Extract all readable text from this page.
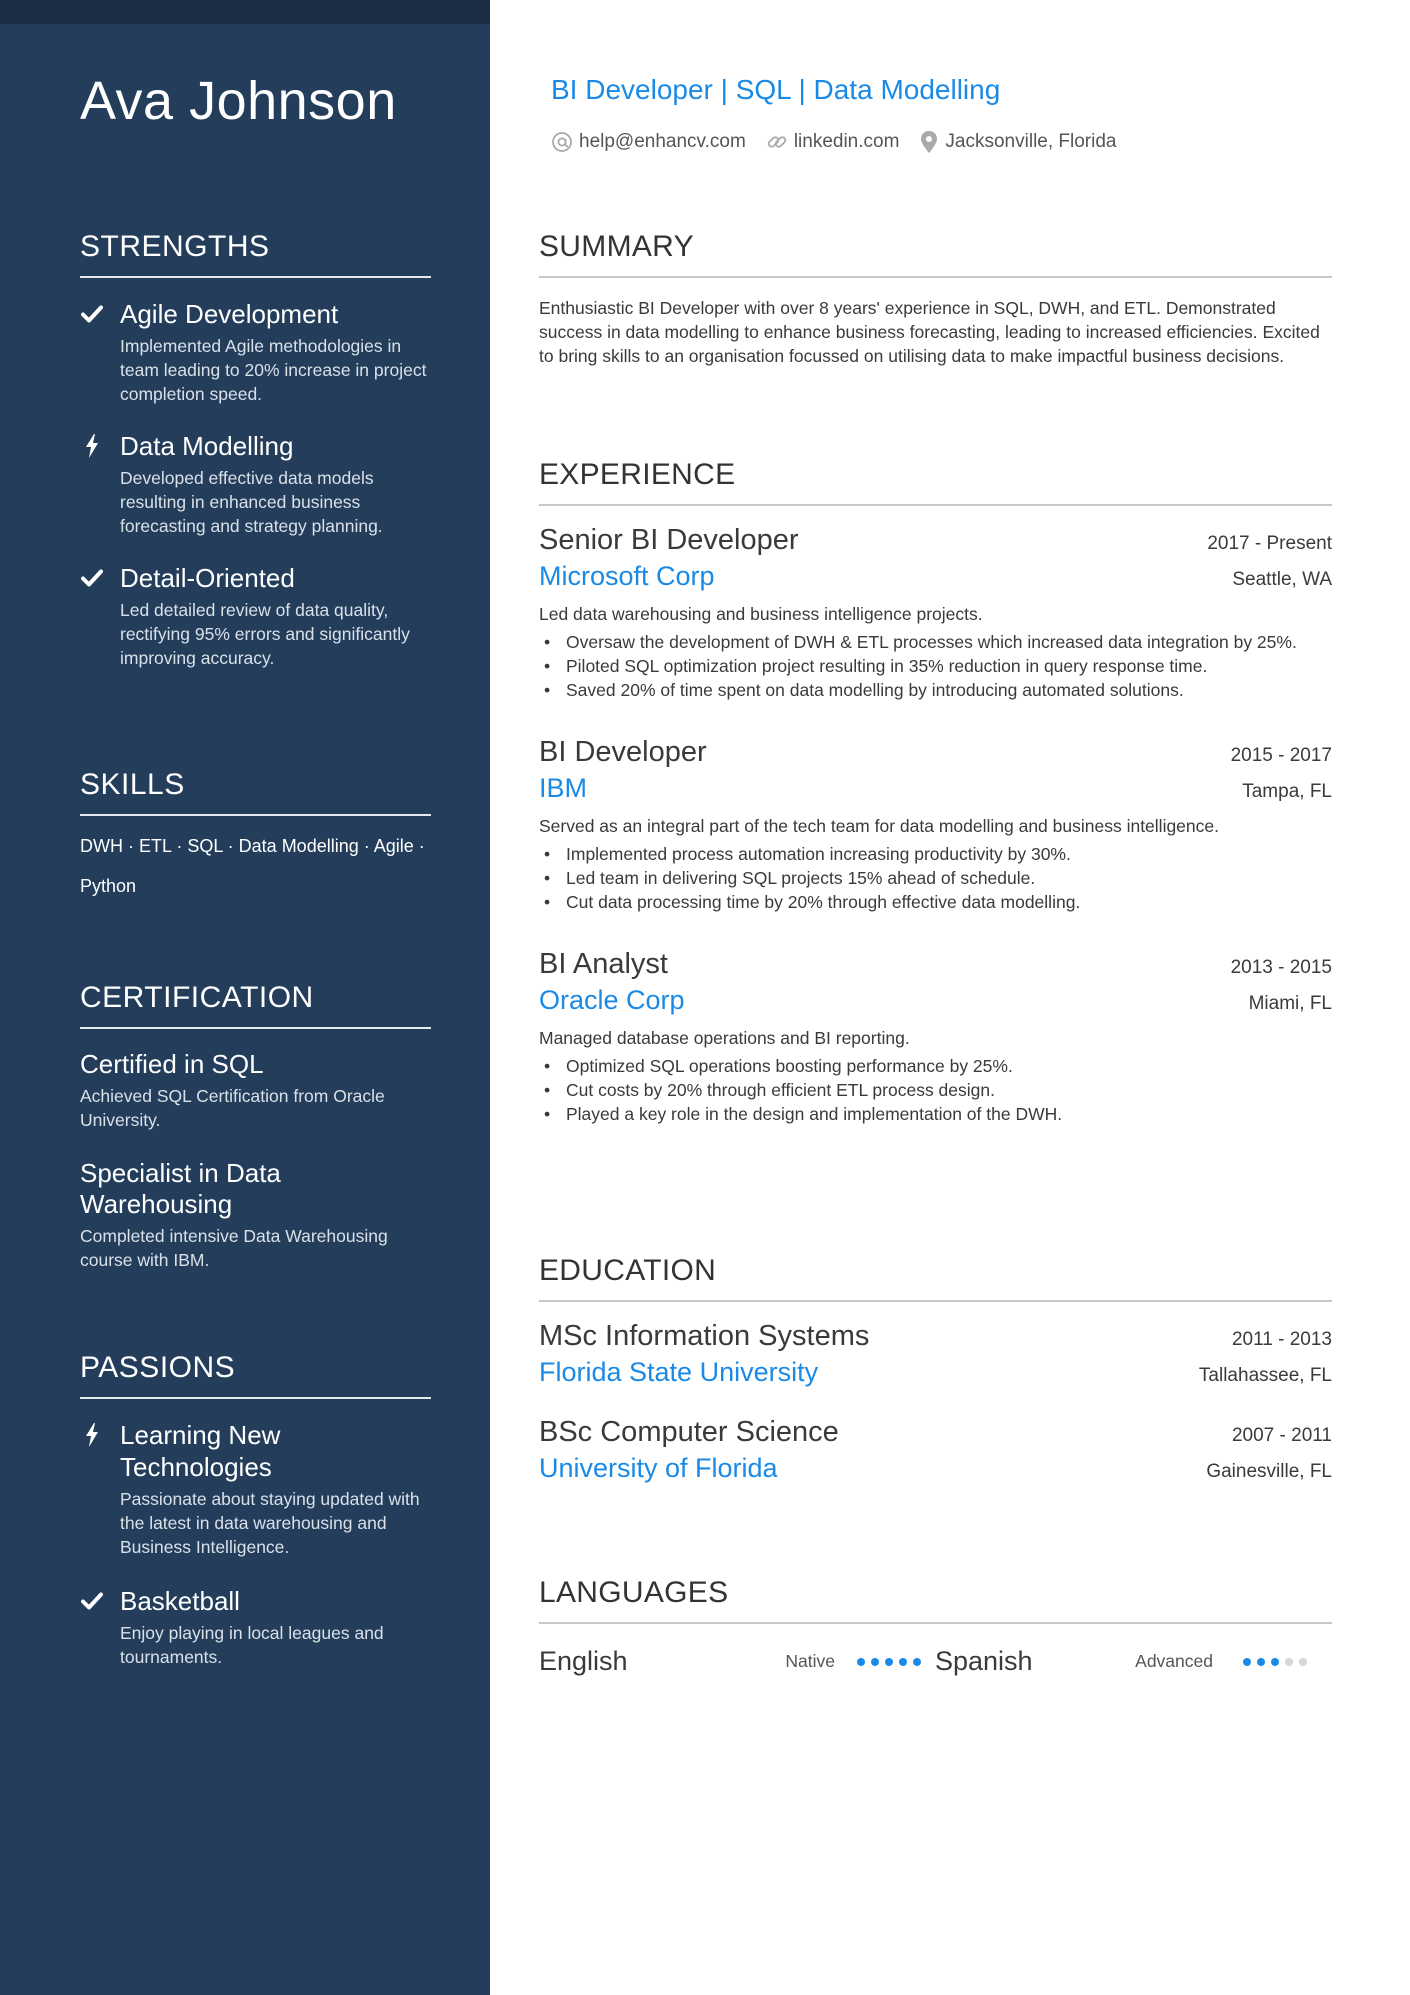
Ava Johnson
STRENGTHS
Agile Development
Implemented Agile methodologies in team leading to 20% increase in project completion speed.
Data Modelling
Developed effective data models resulting in enhanced business forecasting and strategy planning.
Detail-Oriented
Led detailed review of data quality, rectifying 95% errors and significantly improving accuracy.
SKILLS
DWH · ETL · SQL · Data Modelling · Agile · Python
CERTIFICATION
Certified in SQL
Achieved SQL Certification from Oracle University.
Specialist in Data Warehousing
Completed intensive Data Warehousing course with IBM.
PASSIONS
Learning New Technologies
Passionate about staying updated with the latest in data warehousing and Business Intelligence.
Basketball
Enjoy playing in local leagues and tournaments.
BI Developer | SQL | Data Modelling
help@enhancv.com	linkedin.com Jacksonville, Florida
SUMMARY
Enthusiastic BI Developer with over 8 years' experience in SQL, DWH, and ETL. Demonstrated success in data modelling to enhance business forecasting, leading to increased efficiencies. Excited to bring skills to an organisation focussed on utilising data to make impactful business decisions.
EXPERIENCE
Senior BI Developer	2017 - Present
Microsoft Corp	Seattle, WA
Led data warehousing and business intelligence projects.
• Oversaw the development of DWH & ETL processes which increased data integration by 25%.
• Piloted SQL optimization project resulting in 35% reduction in query response time.
• Saved 20% of time spent on data modelling by introducing automated solutions.
BI Developer	2015 - 2017
IBM	Tampa, FL
Served as an integral part of the tech team for data modelling and business intelligence.
• Implemented process automation increasing productivity by 30%.
• Led team in delivering SQL projects 15% ahead of schedule.
• Cut data processing time by 20% through effective data modelling.
BI Analyst	2013 - 2015
Oracle Corp	Miami, FL
Managed database operations and BI reporting.
• Optimized SQL operations boosting performance by 25%.
• Cut costs by 20% through efficient ETL process design.
• Played a key role in the design and implementation of the DWH.
EDUCATION
MSc Information Systems	2011 - 2013
Florida State University	Tallahassee, FL
BSc Computer Science	2007 - 2011
University of Florida	Gainesville, FL
LANGUAGES
English	Native	Spanish	Advanced
